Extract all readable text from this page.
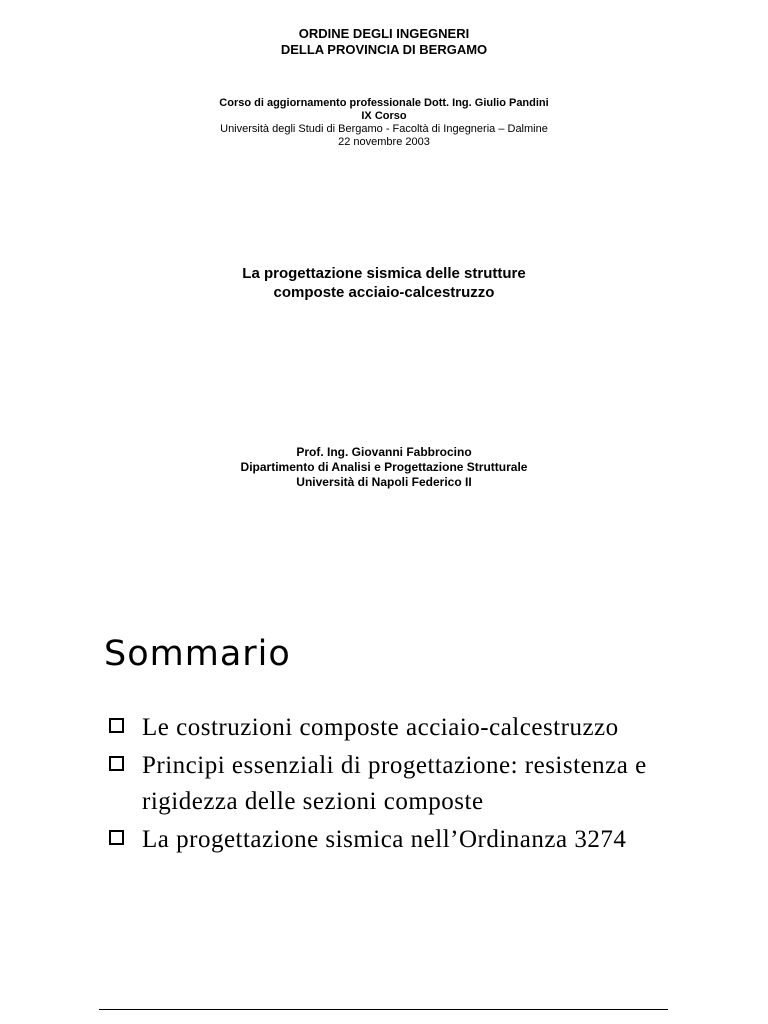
ORDINE DEGLI INGEGNERI
DELLA PROVINCIA DI BERGAMO
Corso di aggiornamento professionale Dott. Ing. Giulio Pandini
IX Corso
Università degli Studi di Bergamo - Facoltà di Ingegneria – Dalmine
22 novembre 2003
La progettazione sismica delle strutture
composte acciaio-calcestruzzo
Prof. Ing. Giovanni Fabbrocino
Dipartimento di Analisi e Progettazione Strutturale
Università di Napoli Federico II
Sommario
Le costruzioni composte acciaio-calcestruzzo
Principi essenziali di progettazione: resistenza e rigidezza delle sezioni composte
La progettazione sismica nell’Ordinanza 3274
